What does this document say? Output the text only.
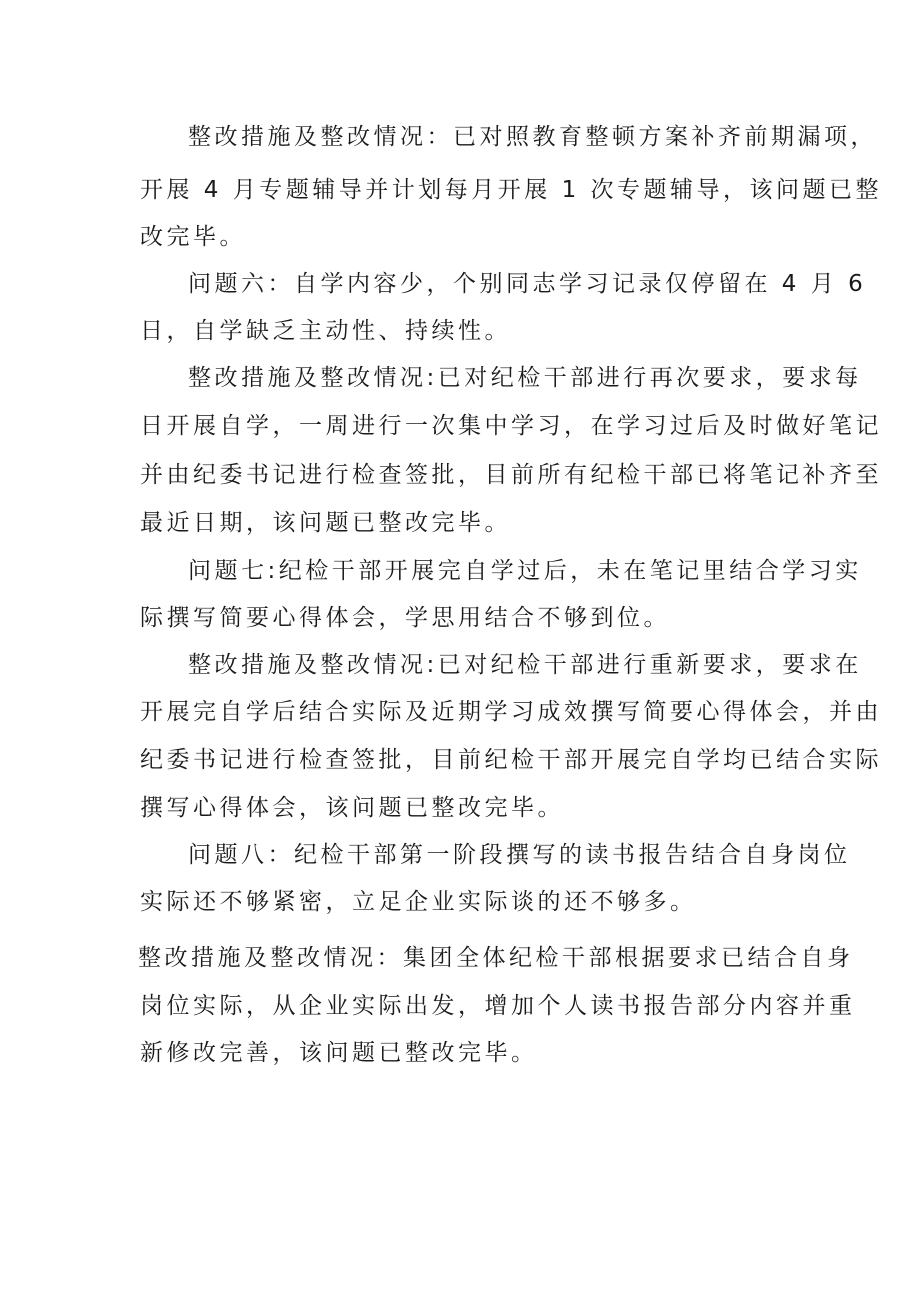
整改措施及整改情况：已对照教育整顿方案补齐前期漏项，
开展 4 月专题辅导并计划每月开展 1 次专题辅导，该问题已整
改完毕。
问题六：自学内容少，个别同志学习记录仅停留在 4 月 6
日，自学缺乏主动性、持续性。
整改措施及整改情况:已对纪检干部进行再次要求，要求每
日开展自学，一周进行一次集中学习，在学习过后及时做好笔记
并由纪委书记进行检查签批，目前所有纪检干部已将笔记补齐至
最近日期，该问题已整改完毕。
问题七:纪检干部开展完自学过后，未在笔记里结合学习实
际撰写简要心得体会，学思用结合不够到位。
整改措施及整改情况:已对纪检干部进行重新要求，要求在
开展完自学后结合实际及近期学习成效撰写简要心得体会，并由
纪委书记进行检查签批，目前纪检干部开展完自学均已结合实际
撰写心得体会，该问题已整改完毕。
问题八：纪检干部第一阶段撰写的读书报告结合自身岗位
实际还不够紧密，立足企业实际谈的还不够多。
整改措施及整改情况：集团全体纪检干部根据要求已结合自身
岗位实际，从企业实际出发，增加个人读书报告部分内容并重
新修改完善，该问题已整改完毕。
